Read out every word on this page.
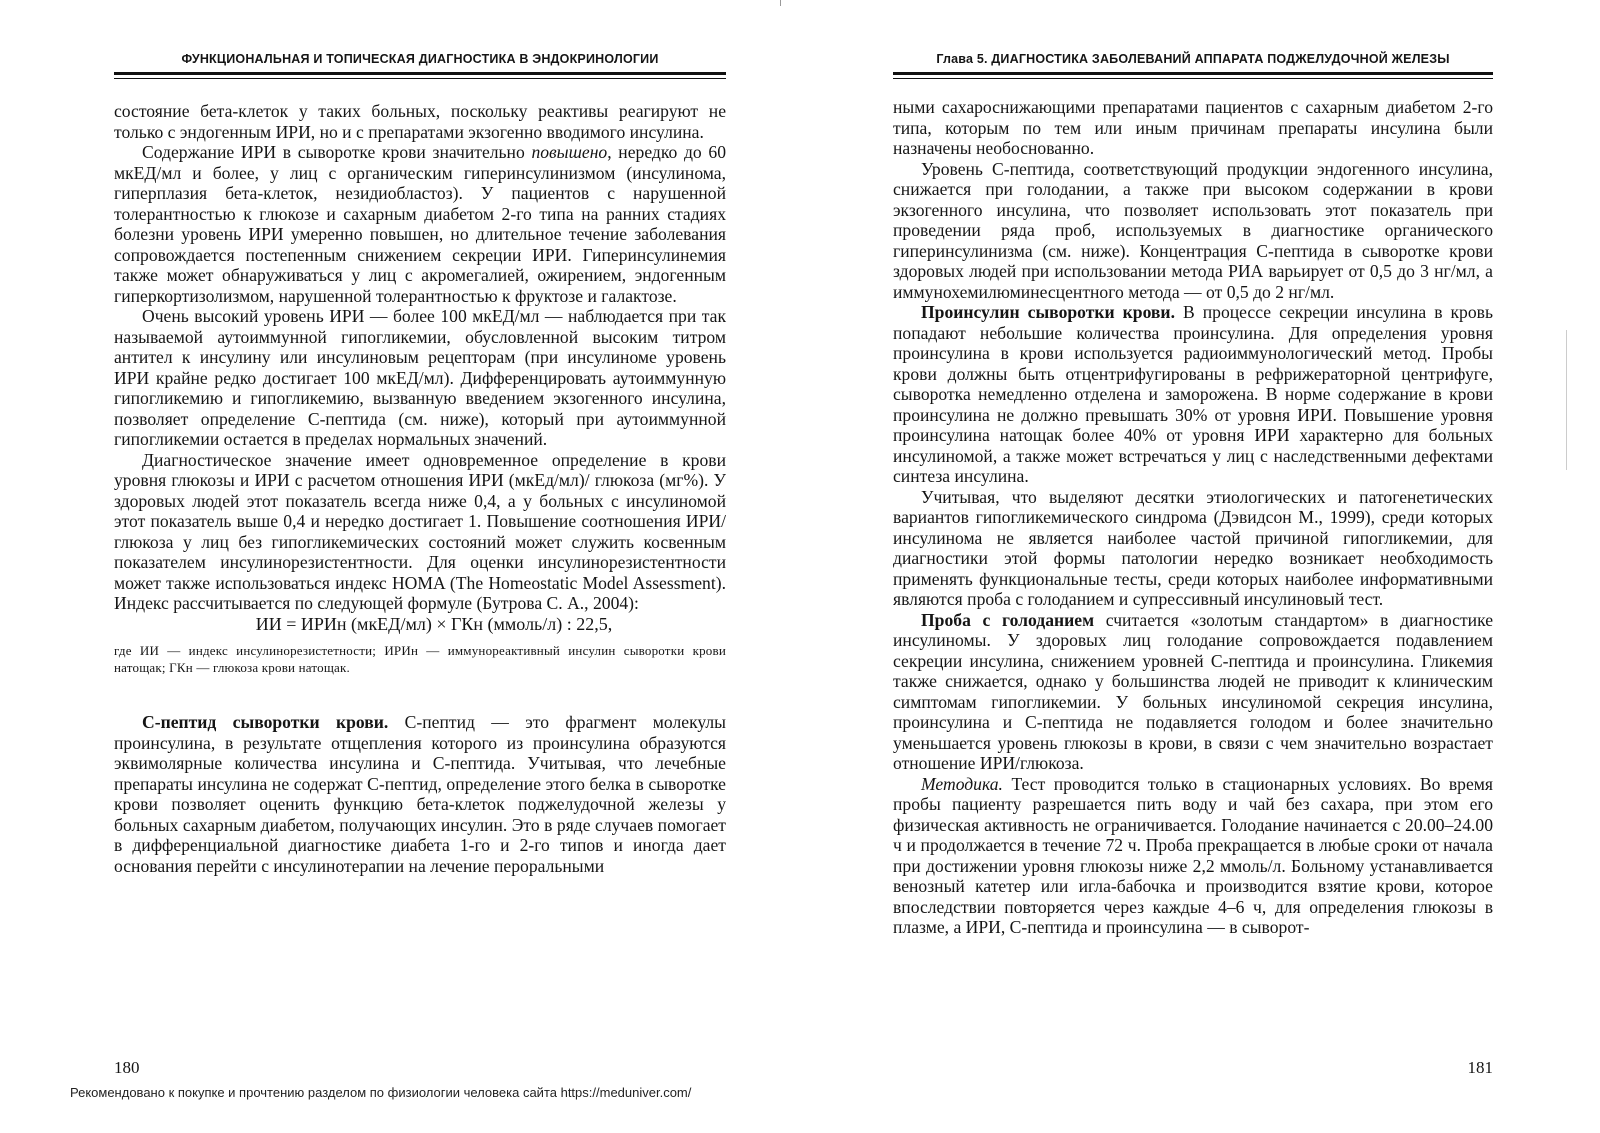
ФУНКЦИОНАЛЬНАЯ И ТОПИЧЕСКАЯ ДИАГНОСТИКА В ЭНДОКРИНОЛОГИИ

состояние бета-клеток у таких больных, поскольку реактивы реагируют не только с эндогенным ИРИ, но и с препаратами экзогенно вводимого инсулина.

Содержание ИРИ в сыворотке крови значительно повышено, нередко до 60 мкЕД/мл и более, у лиц с органическим гиперинсулинизмом (инсулинома, гиперплазия бета-клеток, незидиобластоз). У пациентов с нарушенной толерантностью к глюкозе и сахарным диабетом 2-го типа на ранних стадиях болезни уровень ИРИ умеренно повышен, но длительное течение заболевания сопровождается постепенным снижением секреции ИРИ. Гиперинсулинемия также может обнаруживаться у лиц с акромегалией, ожирением, эндогенным гиперкортизолизмом, нарушенной толерантностью к фруктозе и галактозе.

Очень высокий уровень ИРИ — более 100 мкЕД/мл — наблюдается при так называемой аутоиммунной гипогликемии, обусловленной высоким титром антител к инсулину или инсулиновым рецепторам (при инсулиноме уровень ИРИ крайне редко достигает 100 мкЕД/мл). Дифференцировать аутоиммунную гипогликемию и гипогликемию, вызванную введением экзогенного инсулина, позволяет определение С-пептида (см. ниже), который при аутоиммунной гипогликемии остается в пределах нормальных значений.

Диагностическое значение имеет одновременное определение в крови уровня глюкозы и ИРИ с расчетом отношения ИРИ (мкЕд/мл)/ глюкоза (мг%). У здоровых людей этот показатель всегда ниже 0,4, а у больных с инсулиномой этот показатель выше 0,4 и нередко достигает 1. Повышение соотношения ИРИ/глюкоза у лиц без гипогликемических состояний может служить косвенным показателем инсулинорезистентности. Для оценки инсулинорезистентности может также использоваться индекс HOMA (The Homeostatic Model Assessment). Индекс рассчитывается по следующей формуле (Бутрова С. А., 2004):

ИИ = ИРИн (мкЕД/мл) × ГКн (ммоль/л) : 22,5,

где ИИ — индекс инсулинорезистетности; ИРИн — иммунореактивный инсулин сыворотки крови натощак; ГКн — глюкоза крови натощак.

С-пептид сыворотки крови. С-пептид — это фрагмент молекулы проинсулина, в результате отщепления которого из проинсулина образуются эквимолярные количества инсулина и С-пептида. Учитывая, что лечебные препараты инсулина не содержат С-пептид, определение этого белка в сыворотке крови позволяет оценить функцию бета-клеток поджелудочной железы у больных сахарным диабетом, получающих инсулин. Это в ряде случаев помогает в дифференциальной диагностике диабета 1-го и 2-го типов и иногда дает основания перейти с инсулинотерапии на лечение пероральными

180
Глава 5. ДИАГНОСТИКА ЗАБОЛЕВАНИЙ АППАРАТА ПОДЖЕЛУДОЧНОЙ ЖЕЛЕЗЫ

ными сахароснижающими препаратами пациентов с сахарным диабетом 2-го типа, которым по тем или иным причинам препараты инсулина были назначены необоснованно.

Уровень С-пептида, соответствующий продукции эндогенного инсулина, снижается при голодании, а также при высоком содержании в крови экзогенного инсулина, что позволяет использовать этот показатель при проведении ряда проб, используемых в диагностике органического гиперинсулинизма (см. ниже). Концентрация С-пептида в сыворотке крови здоровых людей при использовании метода РИА варьирует от 0,5 до 3 нг/мл, а иммунохемилюминесцентного метода — от 0,5 до 2 нг/мл.

Проинсулин сыворотки крови. В процессе секреции инсулина в кровь попадают небольшие количества проинсулина. Для определения уровня проинсулина в крови используется радиоиммунологический метод. Пробы крови должны быть отцентрифугированы в рефрижераторной центрифуге, сыворотка немедленно отделена и заморожена. В норме содержание в крови проинсулина не должно превышать 30% от уровня ИРИ. Повышение уровня проинсулина натощак более 40% от уровня ИРИ характерно для больных инсулиномой, а также может встречаться у лиц с наследственными дефектами синтеза инсулина.

Учитывая, что выделяют десятки этиологических и патогенетических вариантов гипогликемического синдрома (Дэвидсон М., 1999), среди которых инсулинома не является наиболее частой причиной гипогликемии, для диагностики этой формы патологии нередко возникает необходимость применять функциональные тесты, среди которых наиболее информативными являются проба с голоданием и супрессивный инсулиновый тест.

Проба с голоданием считается «золотым стандартом» в диагностике инсулиномы. У здоровых лиц голодание сопровождается подавлением секреции инсулина, снижением уровней С-пептида и проинсулина. Гликемия также снижается, однако у большинства людей не приводит к клиническим симптомам гипогликемии. У больных инсулиномой секреция инсулина, проинсулина и С-пептида не подавляется голодом и более значительно уменьшается уровень глюкозы в крови, в связи с чем значительно возрастает отношение ИРИ/глюкоза.

Методика. Тест проводится только в стационарных условиях. Во время пробы пациенту разрешается пить воду и чай без сахара, при этом его физическая активность не ограничивается. Голодание начинается с 20.00–24.00 ч и продолжается в течение 72 ч. Проба прекращается в любые сроки от начала при достижении уровня глюкозы ниже 2,2 ммоль/л. Больному устанавливается венозный катетер или игла-бабочка и производится взятие крови, которое впоследствии повторяется через каждые 4–6 ч, для определения глюкозы в плазме, а ИРИ, С-пептида и проинсулина — в сыворот-

181
Рекомендовано к покупке и прочтению разделом по физиологии человека сайта https://meduniver.com/
